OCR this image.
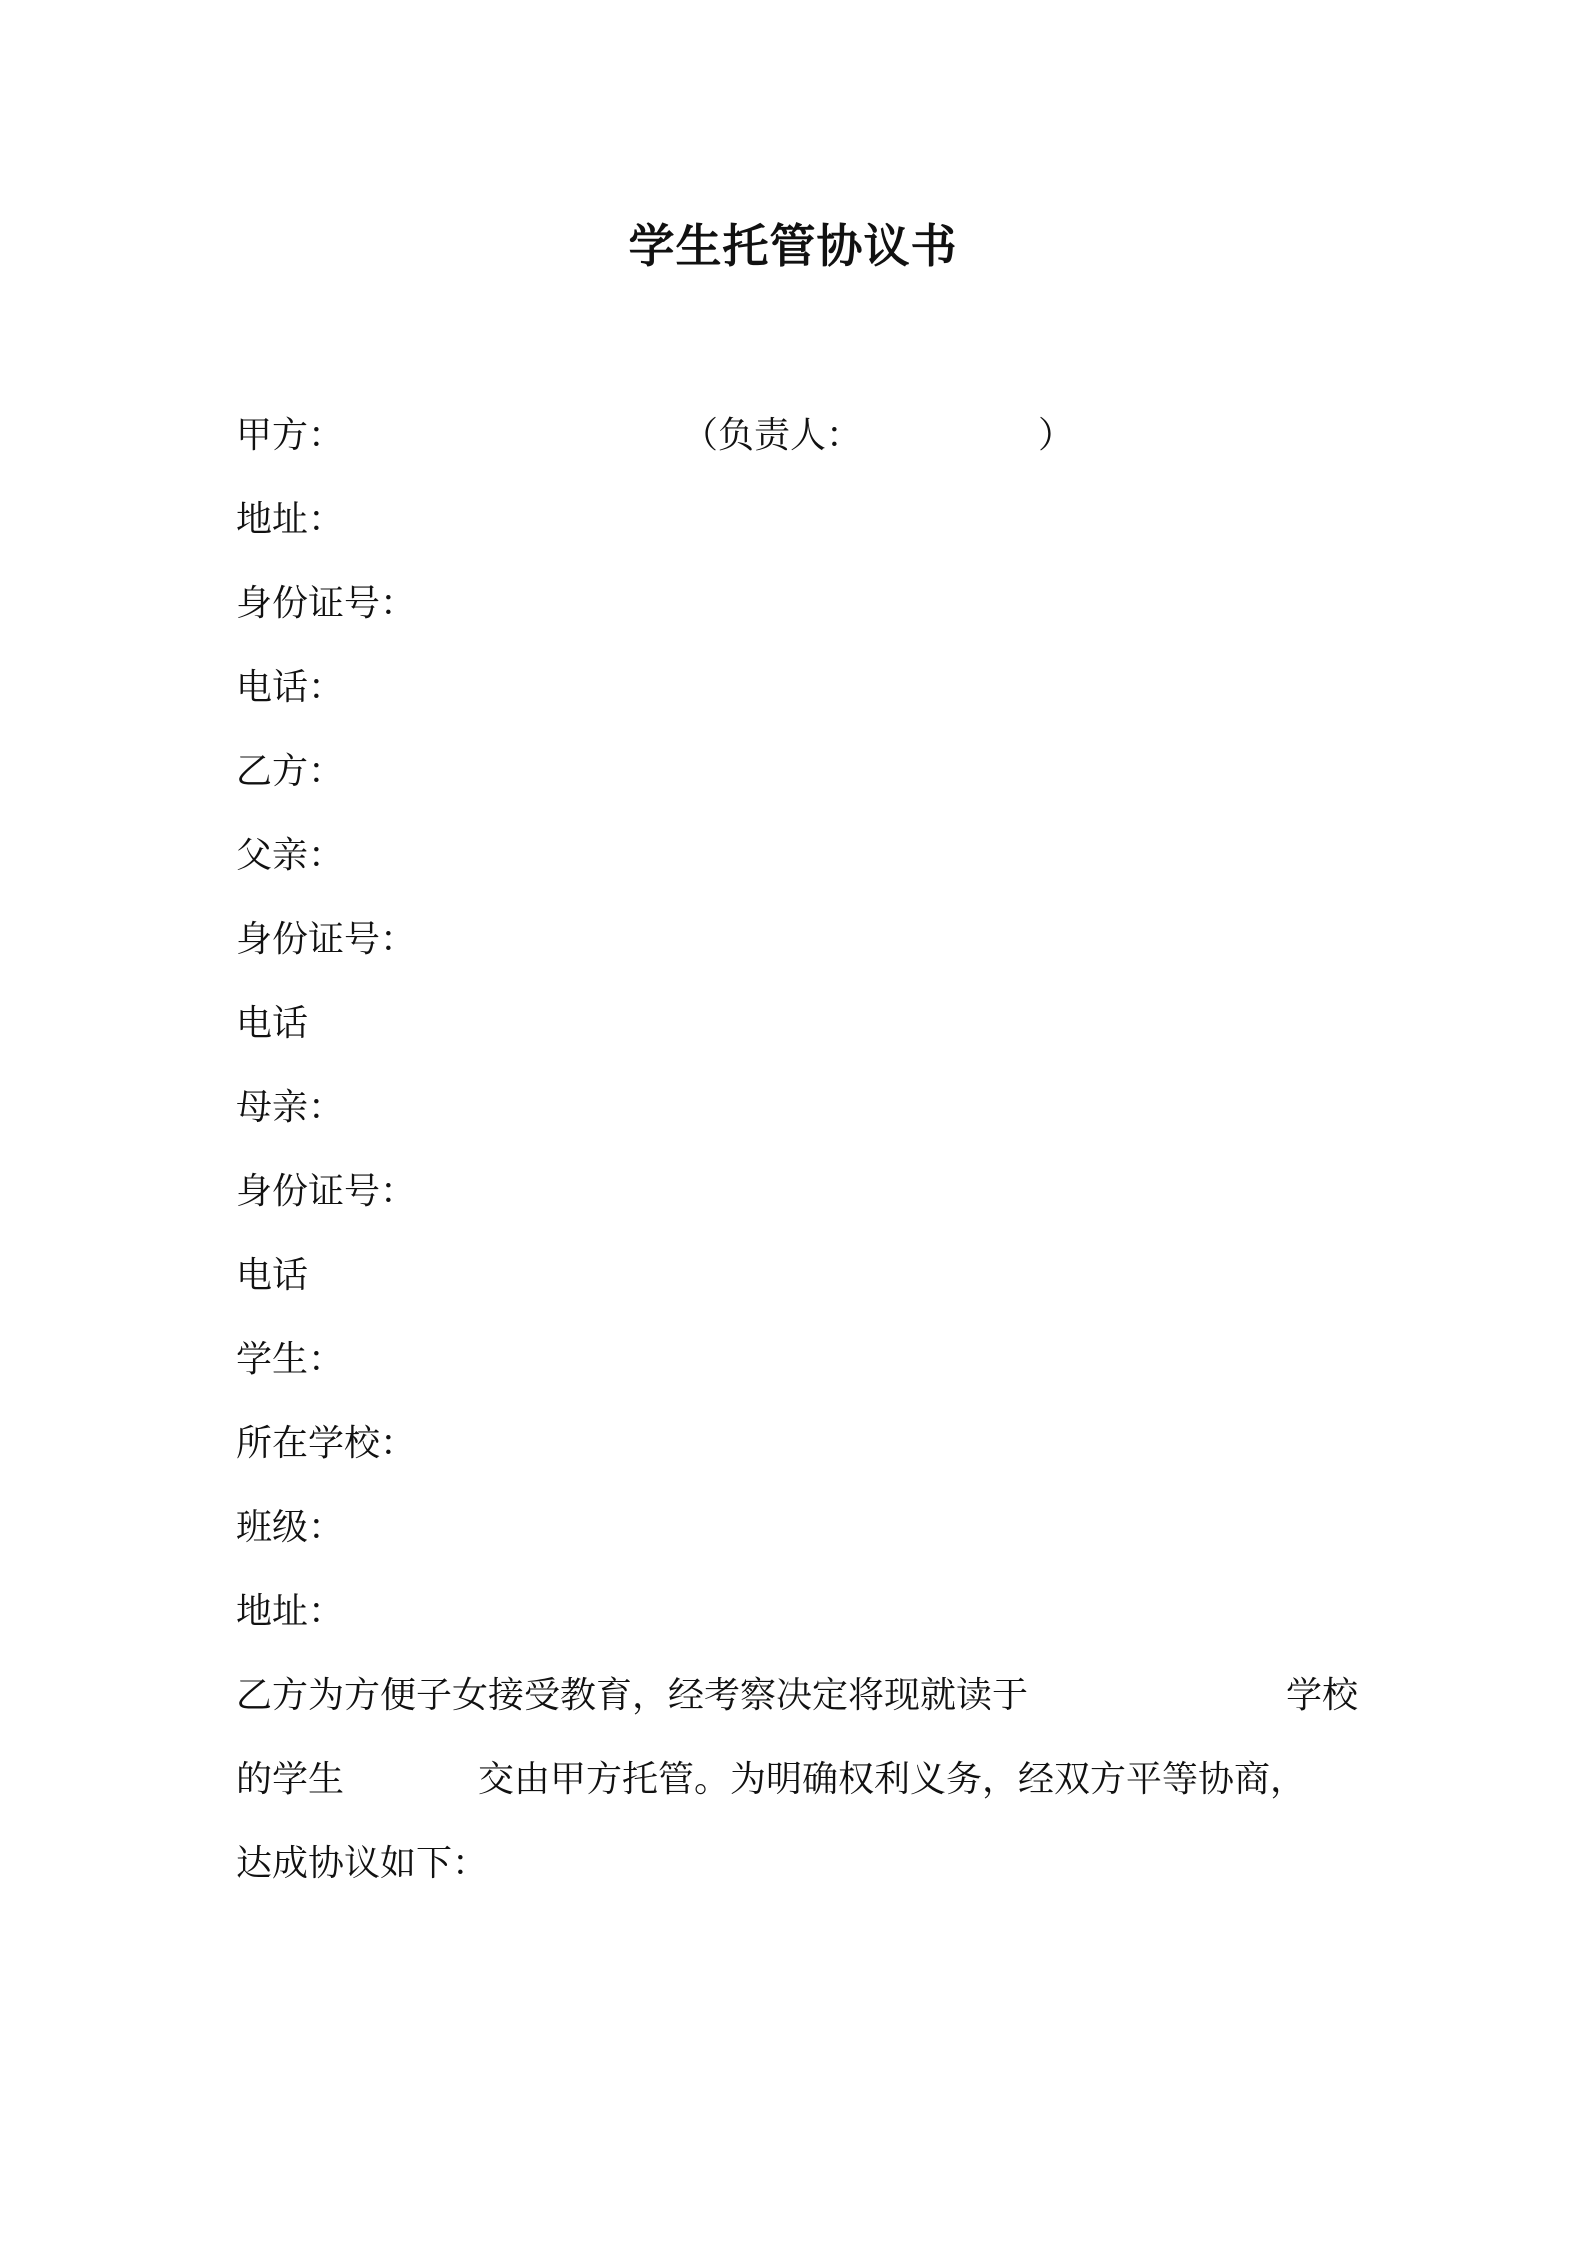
学生托管协议书
甲方：	（负责人：	）
地址：
身份证号：
电话：
乙方：
父亲：
身份证号：
电话
母亲：
身份证号：
电话
学生：
所在学校：
班级：
地址：
乙方为方便子女接受教育，经考察决定将现就读于	学校
的学生	交由甲方托管。为明确权利义务，经双方平等协商，
达成协议如下：
